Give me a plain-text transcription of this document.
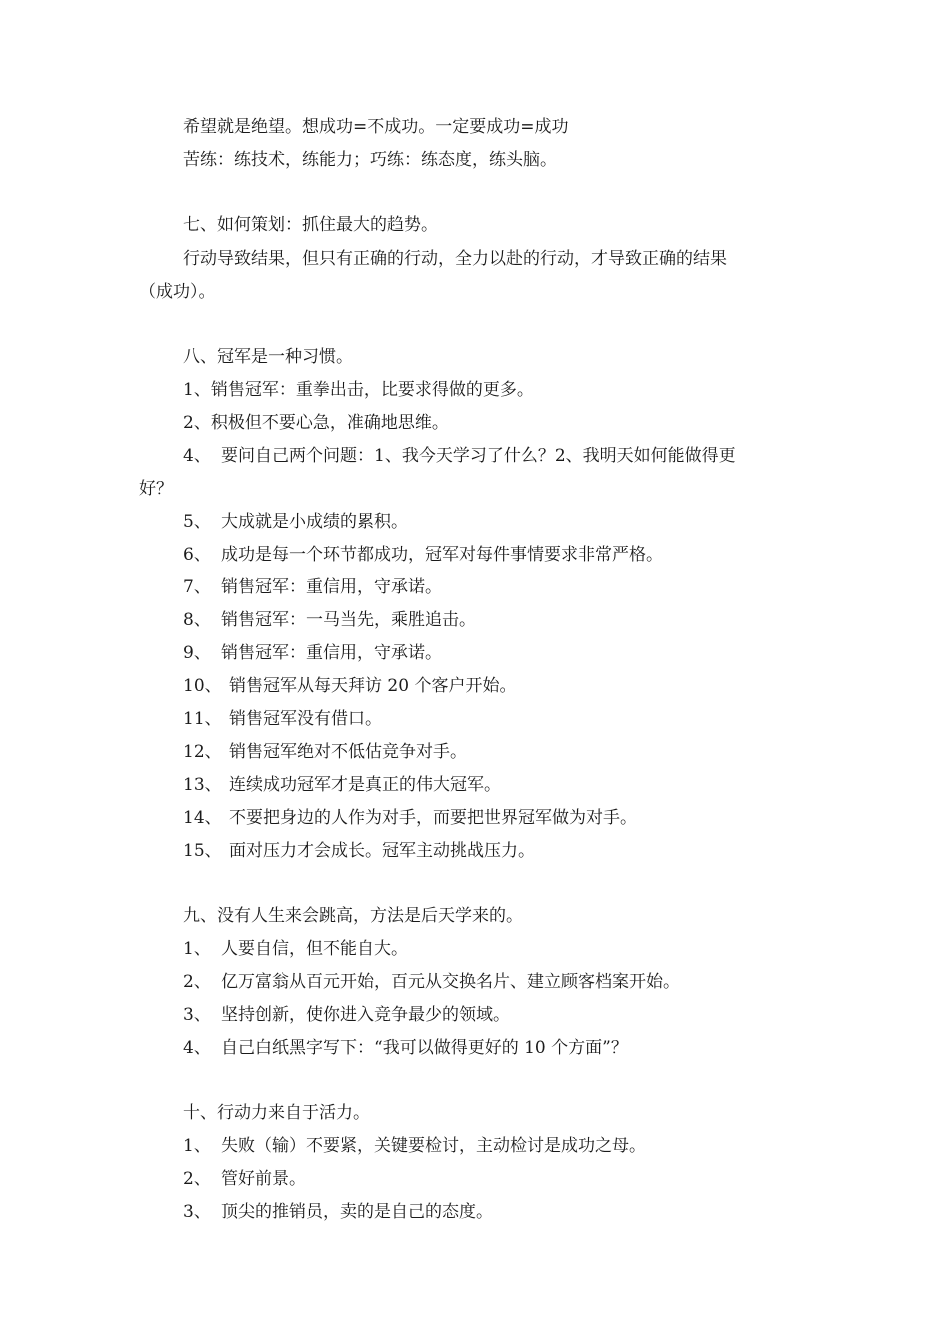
希望就是绝望。想成功=不成功。一定要成功=成功
苦练：练技术，练能力；巧练：练态度，练头脑。
七、如何策划：抓住最大的趋势。
行动导致结果，但只有正确的行动，全力以赴的行动，才导致正确的结果
（成功）。
八、冠军是一种习惯。
1、销售冠军：重拳出击，比要求得做的更多。
2、积极但不要心急，准确地思维。
4、 要问自己两个问题：1、我今天学习了什么？2、我明天如何能做得更
好？
5、 大成就是小成绩的累积。
6、 成功是每一个环节都成功，冠军对每件事情要求非常严格。
7、 销售冠军：重信用，守承诺。
8、 销售冠军：一马当先，乘胜追击。
9、 销售冠军：重信用，守承诺。
10、 销售冠军从每天拜访 20 个客户开始。
11、 销售冠军没有借口。
12、 销售冠军绝对不低估竞争对手。
13、 连续成功冠军才是真正的伟大冠军。
14、 不要把身边的人作为对手，而要把世界冠军做为对手。
15、 面对压力才会成长。冠军主动挑战压力。
九、没有人生来会跳高，方法是后天学来的。
1、 人要自信，但不能自大。
2、 亿万富翁从百元开始，百元从交换名片、建立顾客档案开始。
3、 坚持创新，使你进入竞争最少的领域。
4、 自己白纸黑字写下：“我可以做得更好的 10 个方面”？
十、行动力来自于活力。
1、 失败（输）不要紧，关键要检讨，主动检讨是成功之母。
2、 管好前景。
3、 顶尖的推销员，卖的是自己的态度。
